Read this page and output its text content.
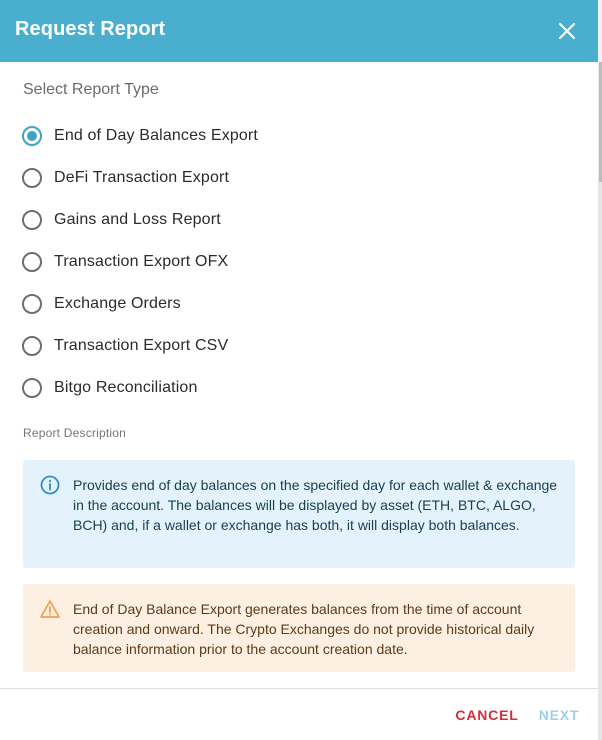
Request Report
Select Report Type
End of Day Balances Export
DeFi Transaction Export
Gains and Loss Report
Transaction Export OFX
Exchange Orders
Transaction Export CSV
Bitgo Reconciliation
Report Description
Provides end of day balances on the specified day for each wallet & exchange in the account. The balances will be displayed by asset (ETH, BTC, ALGO, BCH) and, if a wallet or exchange has both, it will display both balances.
End of Day Balance Export generates balances from the time of account creation and onward. The Crypto Exchanges do not provide historical daily balance information prior to the account creation date.
CANCEL	NEXT
